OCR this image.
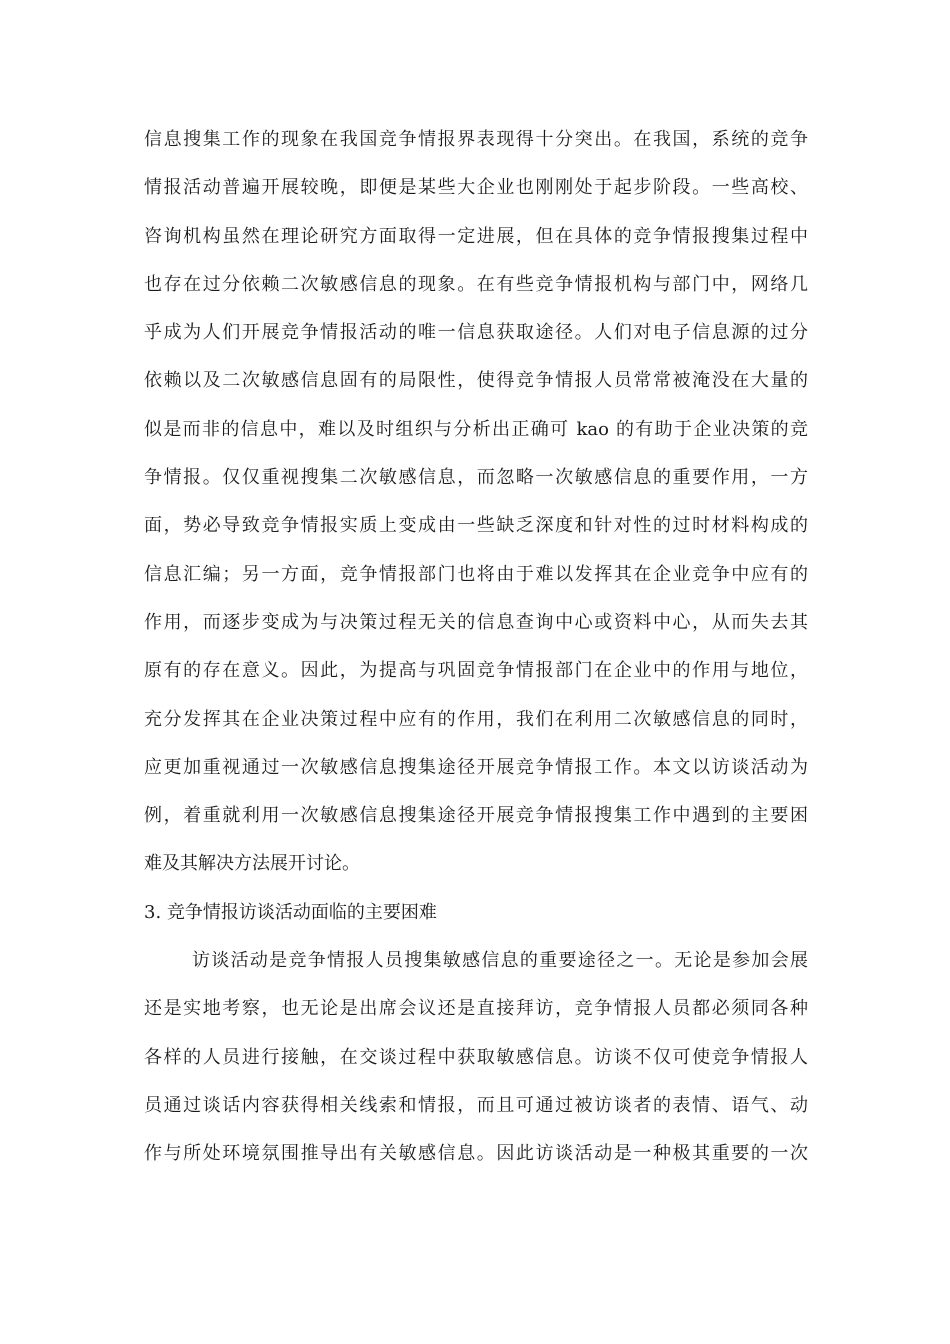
信息搜集工作的现象在我国竞争情报界表现得十分突出。在我国，系统的竞争
情报活动普遍开展较晚，即便是某些大企业也刚刚处于起步阶段。一些高校、
咨询机构虽然在理论研究方面取得一定进展，但在具体的竞争情报搜集过程中
也存在过分依赖二次敏感信息的现象。在有些竞争情报机构与部门中，网络几
乎成为人们开展竞争情报活动的唯一信息获取途径。人们对电子信息源的过分
依赖以及二次敏感信息固有的局限性，使得竞争情报人员常常被淹没在大量的
似是而非的信息中，难以及时组织与分析出正确可 kao 的有助于企业决策的竞
争情报。仅仅重视搜集二次敏感信息，而忽略一次敏感信息的重要作用，一方
面，势必导致竞争情报实质上变成由一些缺乏深度和针对性的过时材料构成的
信息汇编；另一方面，竞争情报部门也将由于难以发挥其在企业竞争中应有的
作用，而逐步变成为与决策过程无关的信息查询中心或资料中心，从而失去其
原有的存在意义。因此，为提高与巩固竞争情报部门在企业中的作用与地位，
充分发挥其在企业决策过程中应有的作用，我们在利用二次敏感信息的同时，
应更加重视通过一次敏感信息搜集途径开展竞争情报工作。本文以访谈活动为
例，着重就利用一次敏感信息搜集途径开展竞争情报搜集工作中遇到的主要困
难及其解决方法展开讨论。
3. 竞争情报访谈活动面临的主要困难
访谈活动是竞争情报人员搜集敏感信息的重要途径之一。无论是参加会展
还是实地考察，也无论是出席会议还是直接拜访，竞争情报人员都必须同各种
各样的人员进行接触，在交谈过程中获取敏感信息。访谈不仅可使竞争情报人
员通过谈话内容获得相关线索和情报，而且可通过被访谈者的表情、语气、动
作与所处环境氛围推导出有关敏感信息。因此访谈活动是一种极其重要的一次
